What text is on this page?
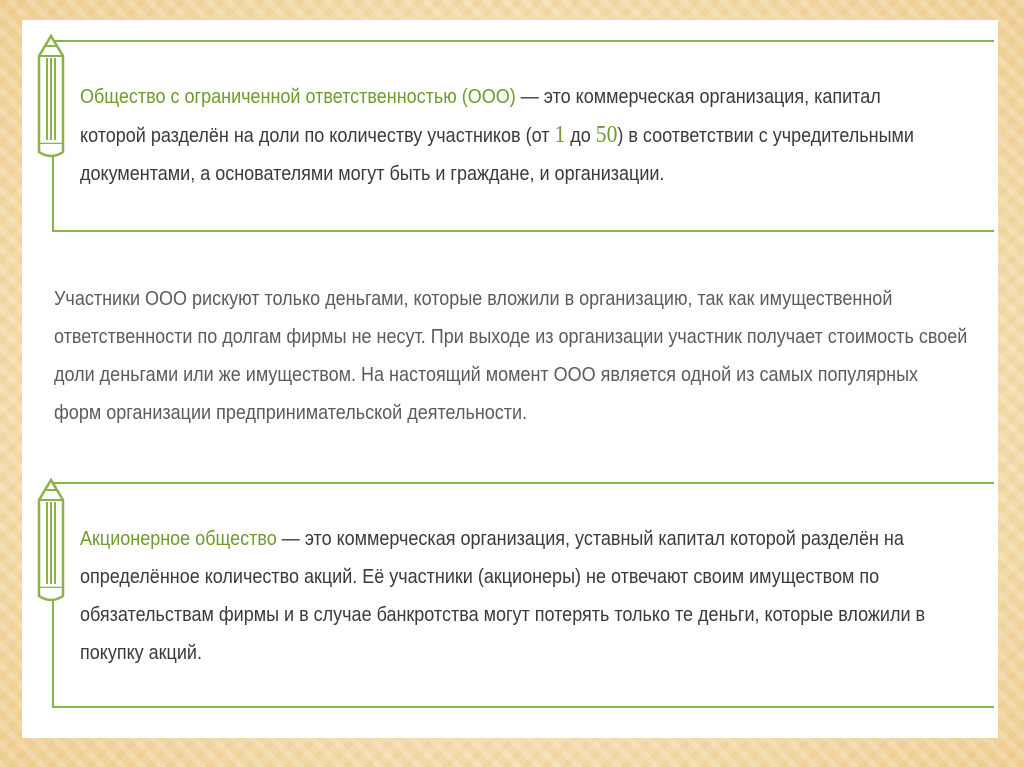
Общество с ограниченной ответственностью (ООО) — это коммерческая организация, капитал которой разделён на доли по количеству участников (от 1 до 50) в соответствии с учредительными документами, а основателями могут быть и граждане, и организации.
Участники ООО рискуют только деньгами, которые вложили в организацию, так как имущественной ответственности по долгам фирмы не несут. При выходе из организации участник получает стоимость своей доли деньгами или же имуществом. На настоящий момент ООО является одной из самых популярных форм организации предпринимательской деятельности.
Акционерное общество — это коммерческая организация, уставный капитал которой разделён на определённое количество акций. Её участники (акционеры) не отвечают своим имуществом по обязательствам фирмы и в случае банкротства могут потерять только те деньги, которые вложили в покупку акций.
